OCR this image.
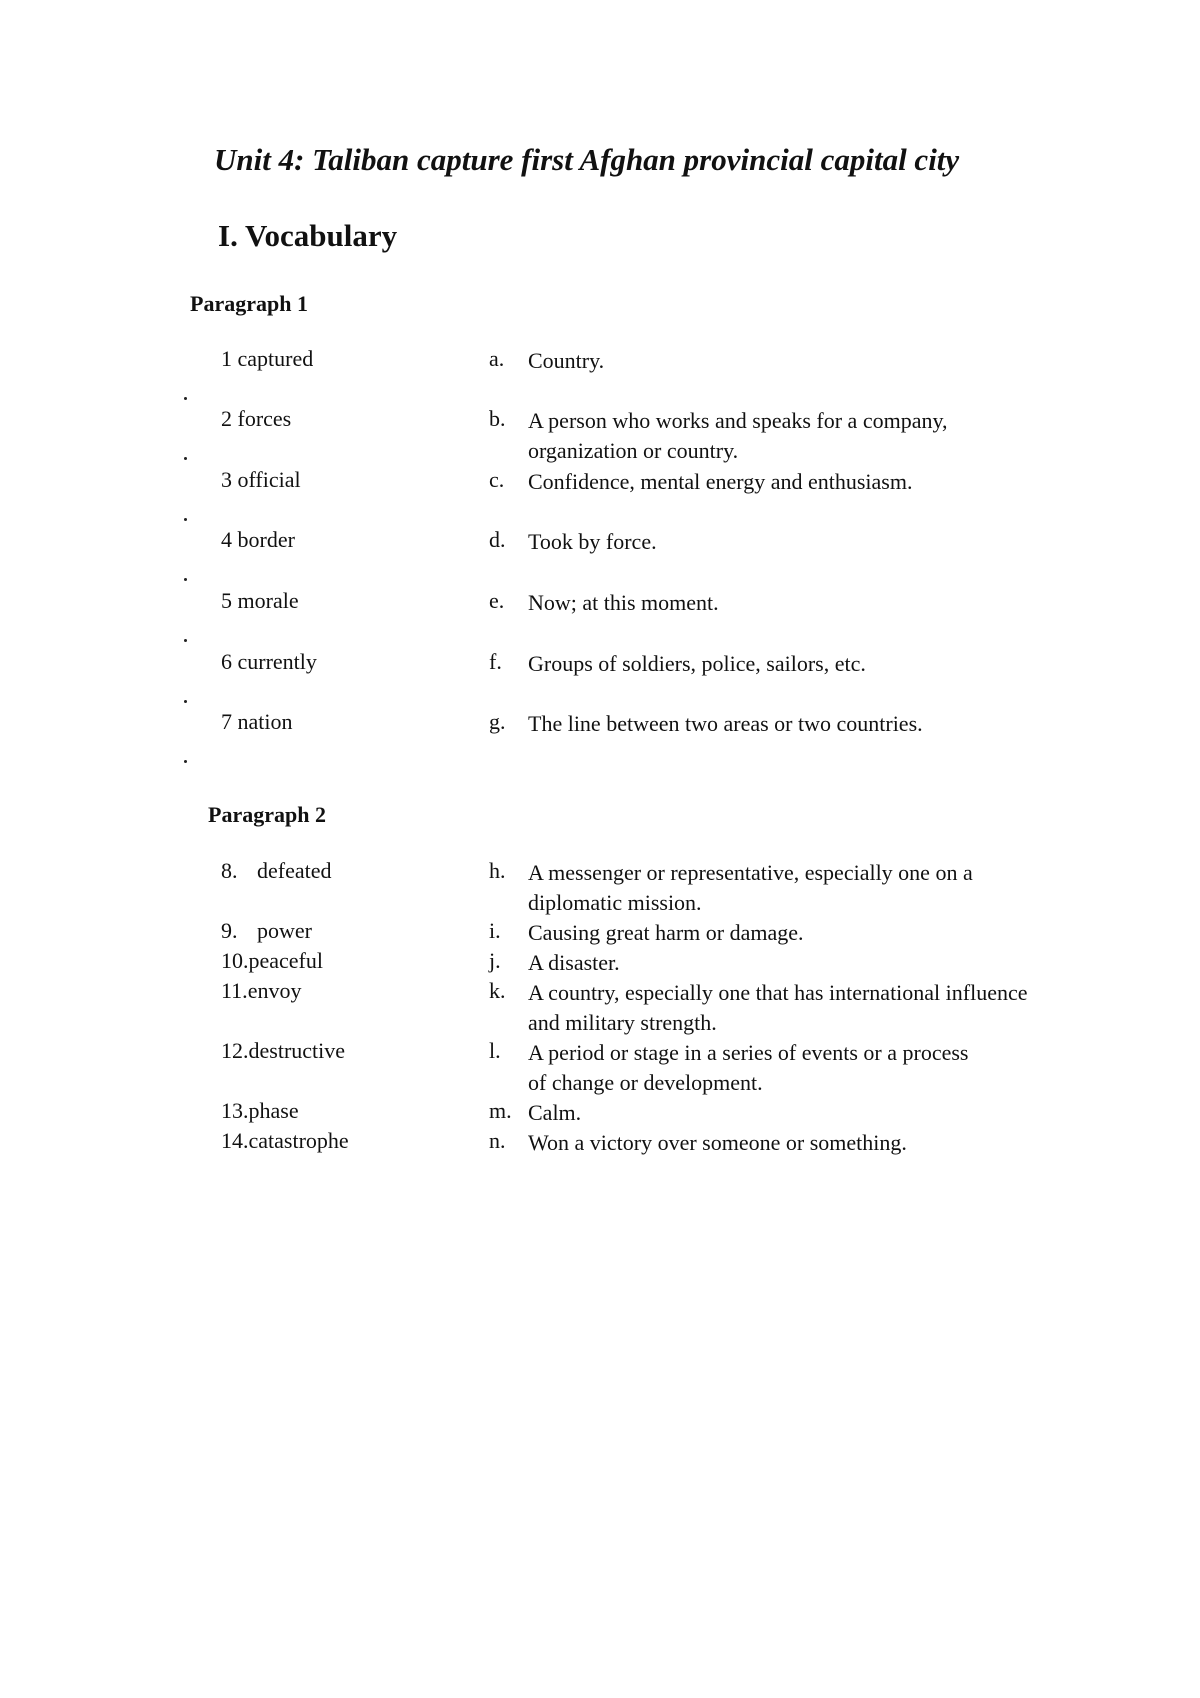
Unit 4: Taliban capture first Afghan provincial capital city
I. Vocabulary
Paragraph 1
1 captured	a.	Country.
2 forces	b.	A person who works and speaks for a company, organization or country.
3 official	c.	Confidence, mental energy and enthusiasm.
4 border	d.	Took by force.
5 morale	e.	Now; at this moment.
6 currently	f.	Groups of soldiers, police, sailors, etc.
7 nation	g.	The line between two areas or two countries.
Paragraph 2
8.  defeated	h.	A messenger or representative, especially one on a diplomatic mission.
9.  power	i.	Causing great harm or damage.
10.peaceful	j.	A disaster.
11.envoy	k.	A country, especially one that has international influence and military strength.
12.destructive	l.	A period or stage in a series of events or a process of change or development.
13.phase	m. Calm.
14.catastrophe	n.	Won a victory over someone or something.
